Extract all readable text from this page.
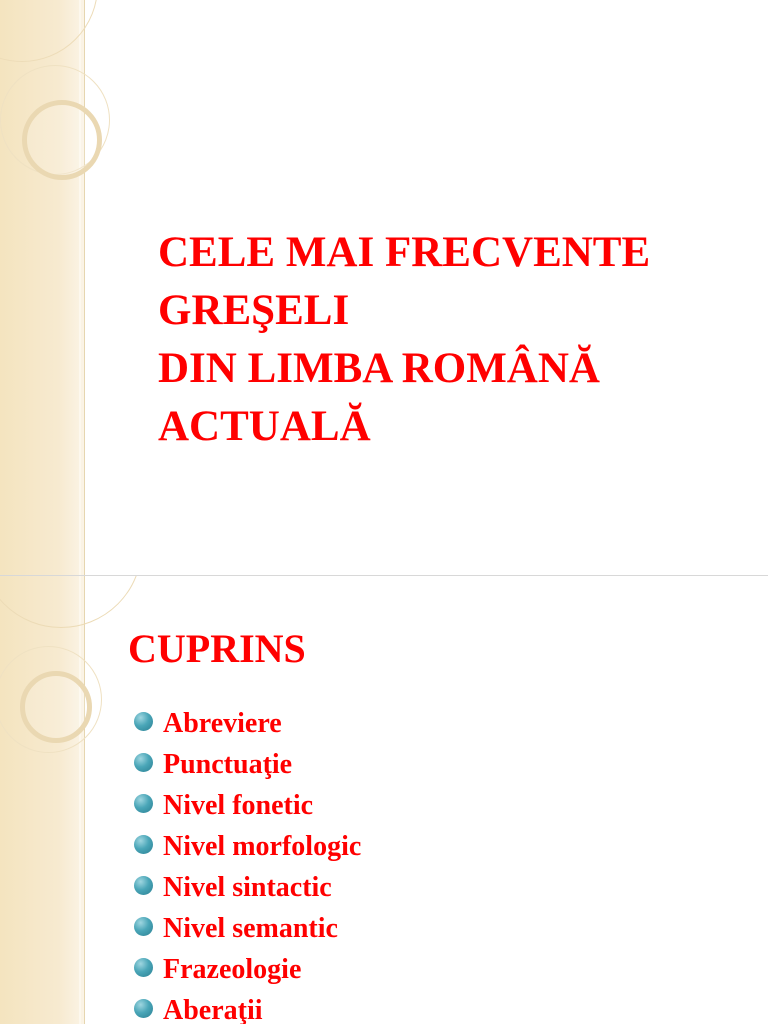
CELE MAI FRECVENTE
GREŞELI
DIN LIMBA ROMÂNĂ
ACTUALĂ
CUPRINS
Abreviere
Punctuaţie
Nivel fonetic
Nivel morfologic
Nivel sintactic
Nivel semantic
Frazeologie
Aberaţii
